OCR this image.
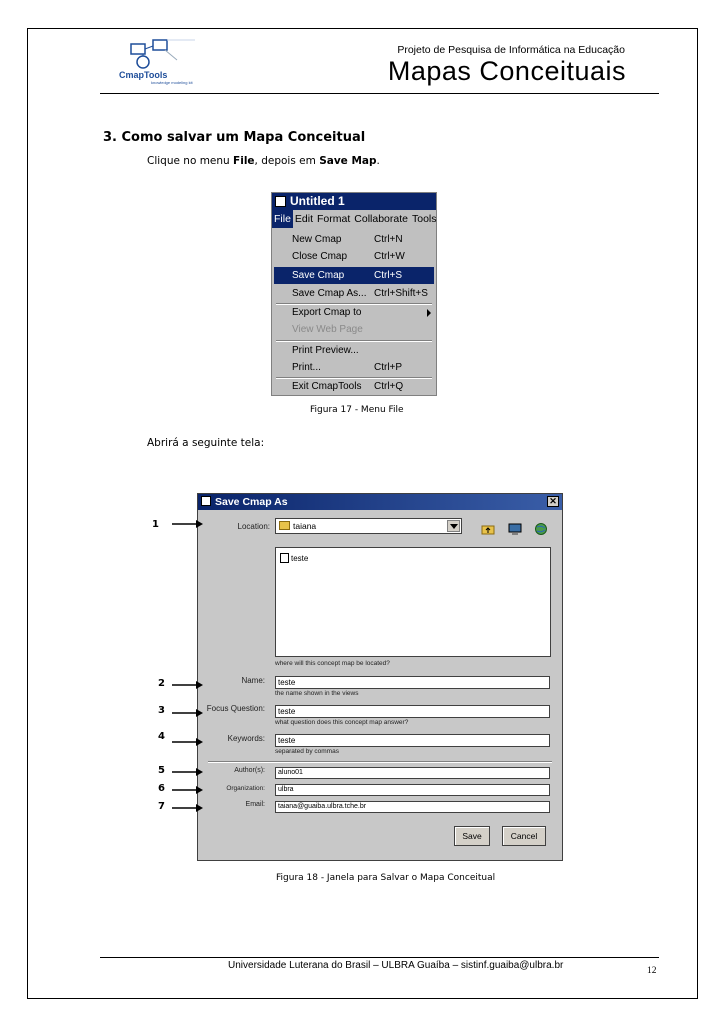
CmapTools
knowledge modeling kit
Projeto de Pesquisa de Informática na Educação
Mapas Conceituais
3. Como salvar um Mapa Conceitual
Clique no menu File, depois em Save Map.
Untitled 1
File Edit Format Collaborate Tools
New Cmap	Ctrl+N
Close Cmap	Ctrl+W
Save Cmap	Ctrl+S
Save Cmap As... Ctrl+Shift+S
Export Cmap to
View Web Page
Print Preview...
Print...	Ctrl+P
Exit CmapTools Ctrl+Q
Figura 17 - Menu File
Abrirá a seguinte tela:
Save Cmap As	✕
Location:	taiana
teste
where will this concept map be located?
Name:	teste
the name shown in the views
Focus Question:	teste
what question does this concept map answer?
Keywords:	teste
separated by commas
Author(s):	aluno01
Organization:	ulbra
Email:	taiana@guaiba.ulbra.tche.br
Save	Cancel
1
2
3
4
5
6
7
Figura 18 - Janela para Salvar o Mapa Conceitual
Universidade Luterana do Brasil – ULBRA Guaíba – sistinf.guaiba@ulbra.br	12
